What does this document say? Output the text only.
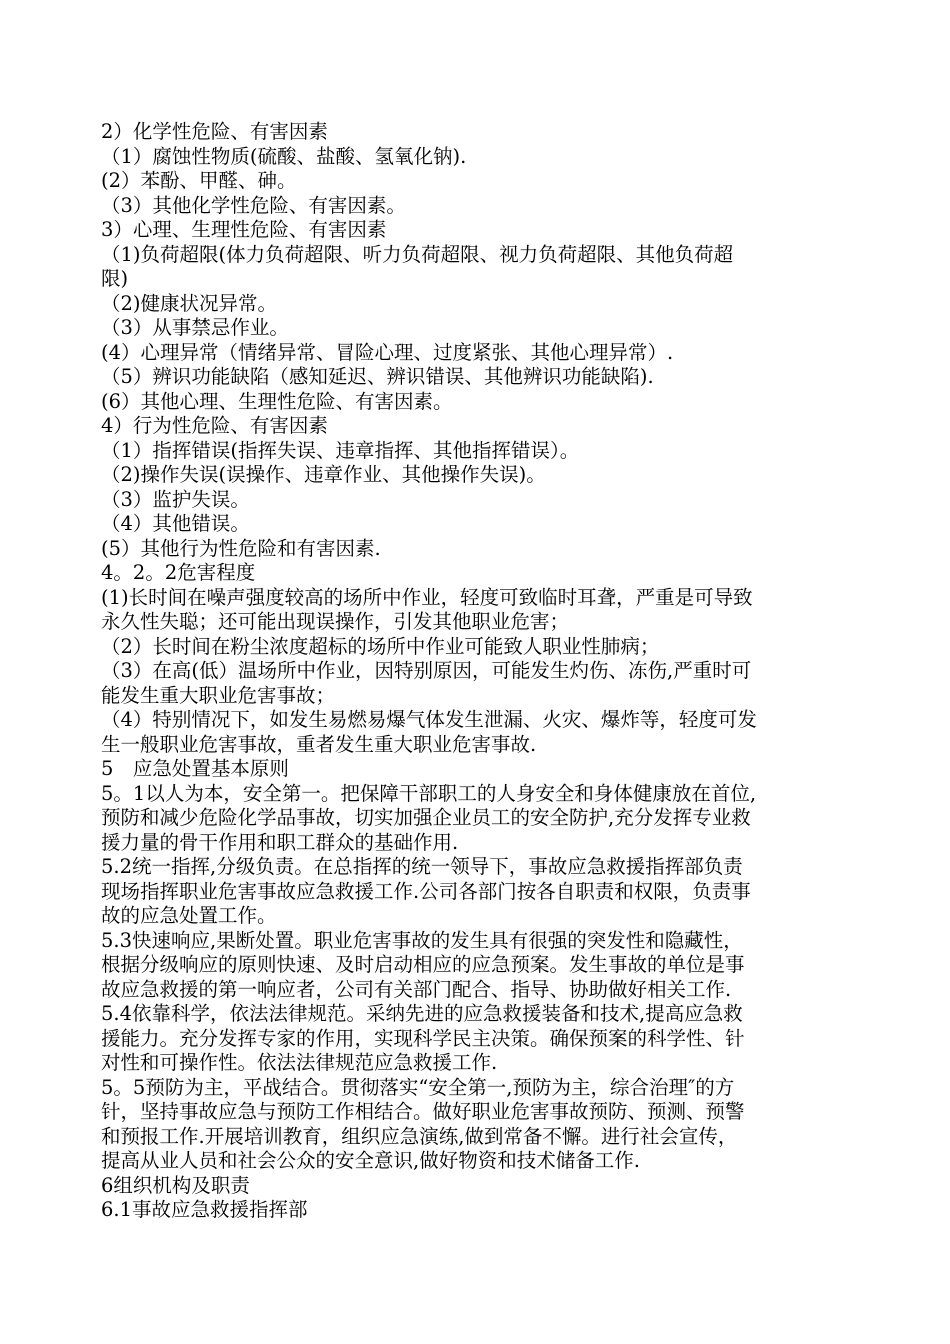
2）化学性危险、有害因素
（1）腐蚀性物质(硫酸、盐酸、氢氧化钠).
(2）苯酚、甲醛、砷。
（3）其他化学性危险、有害因素。
3）心理、生理性危险、有害因素
（1)负荷超限(体力负荷超限、听力负荷超限、视力负荷超限、其他负荷超
限)
（2)健康状况异常。
（3）从事禁忌作业。
(4）心理异常（情绪异常、冒险心理、过度紧张、其他心理异常）.
（5）辨识功能缺陷（感知延迟、辨识错误、其他辨识功能缺陷).
(6）其他心理、生理性危险、有害因素。
4）行为性危险、有害因素
（1）指挥错误(指挥失误、违章指挥、其他指挥错误）。
（2)操作失误(误操作、违章作业、其他操作失误)。
（3）监护失误。
（4）其他错误。
(5）其他行为性危险和有害因素.
4。2。2危害程度
(1)长时间在噪声强度较高的场所中作业，轻度可致临时耳聋，严重是可导致
永久性失聪；还可能出现误操作，引发其他职业危害；
（2）长时间在粉尘浓度超标的场所中作业可能致人职业性肺病；
（3）在高(低）温场所中作业，因特别原因，可能发生灼伤、冻伤,严重时可
能发生重大职业危害事故；
（4）特别情况下，如发生易燃易爆气体发生泄漏、火灾、爆炸等，轻度可发
生一般职业危害事故，重者发生重大职业危害事故.
5　应急处置基本原则
5。1以人为本，安全第一。把保障干部职工的人身安全和身体健康放在首位,
预防和减少危险化学品事故，切实加强企业员工的安全防护,充分发挥专业救
援力量的骨干作用和职工群众的基础作用.
5.2统一指挥,分级负责。在总指挥的统一领导下，事故应急救援指挥部负责
现场指挥职业危害事故应急救援工作.公司各部门按各自职责和权限，负责事
故的应急处置工作。
5.3快速响应,果断处置。职业危害事故的发生具有很强的突发性和隐藏性，
根据分级响应的原则快速、及时启动相应的应急预案。发生事故的单位是事
故应急救援的第一响应者，公司有关部门配合、指导、协助做好相关工作.
5.4依靠科学，依法法律规范。采纳先进的应急救援装备和技术,提高应急救
援能力。充分发挥专家的作用，实现科学民主决策。确保预案的科学性、针
对性和可操作性。依法法律规范应急救援工作.
5。5预防为主，平战结合。贯彻落实“安全第一,预防为主，综合治理″的方
针，坚持事故应急与预防工作相结合。做好职业危害事故预防、预测、预警
和预报工作.开展培训教育，组织应急演练,做到常备不懈。进行社会宣传，
提高从业人员和社会公众的安全意识,做好物资和技术储备工作.
6组织机构及职责
6.1事故应急救援指挥部
